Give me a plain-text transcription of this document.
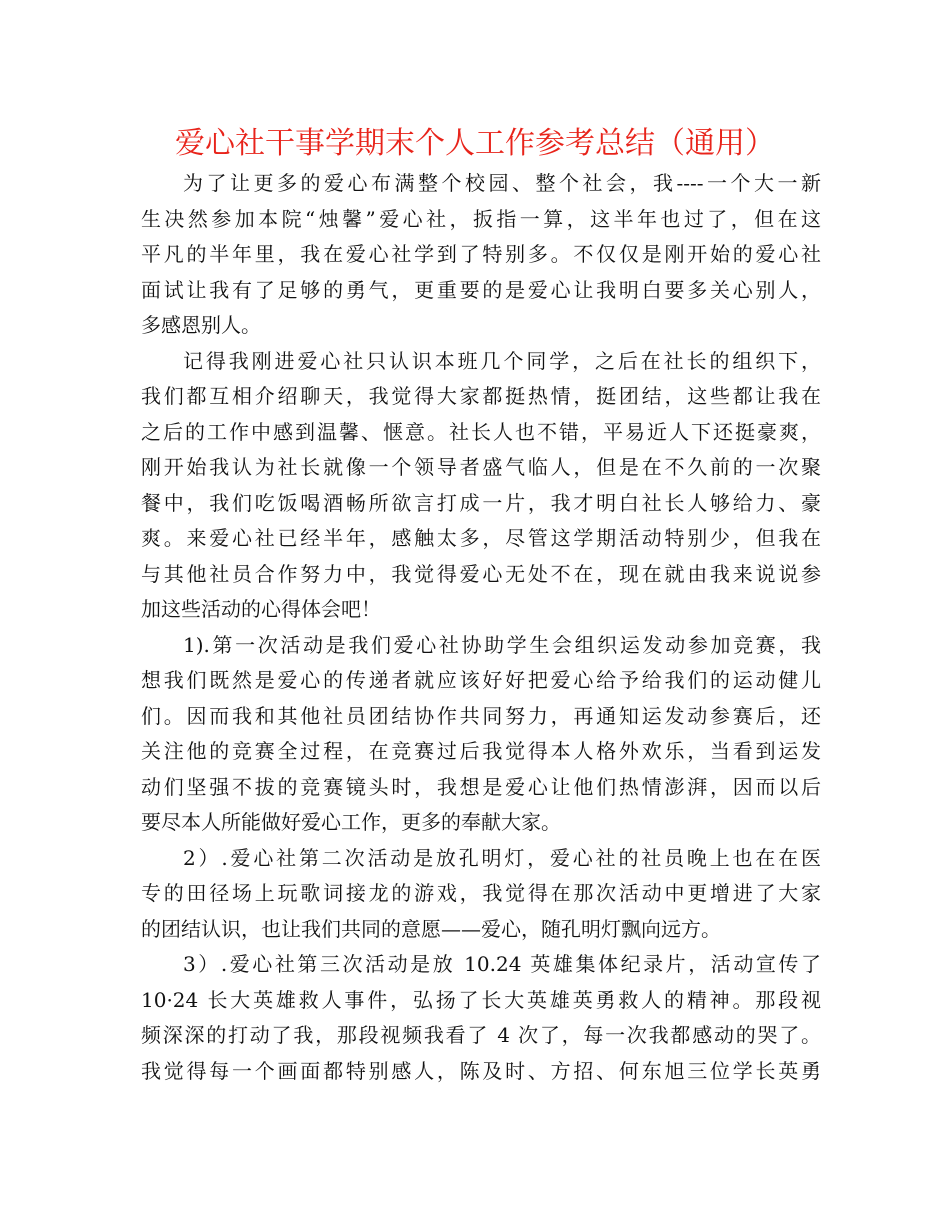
爱心社干事学期末个人工作参考总结（通用）

为了让更多的爱心布满整个校园、整个社会，我----一个大一新
生决然参加本院“烛馨”爱心社，扳指一算，这半年也过了，但在这
平凡的半年里，我在爱心社学到了特别多。不仅仅是刚开始的爱心社
面试让我有了足够的勇气，更重要的是爱心让我明白要多关心别人，
多感恩别人。

记得我刚进爱心社只认识本班几个同学，之后在社长的组织下，
我们都互相介绍聊天，我觉得大家都挺热情，挺团结，这些都让我在
之后的工作中感到温馨、惬意。社长人也不错，平易近人下还挺豪爽，
刚开始我认为社长就像一个领导者盛气临人，但是在不久前的一次聚
餐中，我们吃饭喝酒畅所欲言打成一片，我才明白社长人够给力、豪
爽。来爱心社已经半年，感触太多，尽管这学期活动特别少，但我在
与其他社员合作努力中，我觉得爱心无处不在，现在就由我来说说参
加这些活动的心得体会吧！

1).第一次活动是我们爱心社协助学生会组织运发动参加竞赛，我
想我们既然是爱心的传递者就应该好好把爱心给予给我们的运动健儿
们。因而我和其他社员团结协作共同努力，再通知运发动参赛后，还
关注他的竞赛全过程，在竞赛过后我觉得本人格外欢乐，当看到运发
动们坚强不拔的竞赛镜头时，我想是爱心让他们热情澎湃，因而以后
要尽本人所能做好爱心工作，更多的奉献大家。

2）.爱心社第二次活动是放孔明灯，爱心社的社员晚上也在在医
专的田径场上玩歌词接龙的游戏，我觉得在那次活动中更增进了大家
的团结认识，也让我们共同的意愿——爱心，随孔明灯飘向远方。

3）.爱心社第三次活动是放 10.24 英雄集体纪录片，活动宣传了
10·24 长大英雄救人事件，弘扬了长大英雄英勇救人的精神。那段视
频深深的打动了我，那段视频我看了 4 次了，每一次我都感动的哭了。
我觉得每一个画面都特别感人，陈及时、方招、何东旭三位学长英勇
